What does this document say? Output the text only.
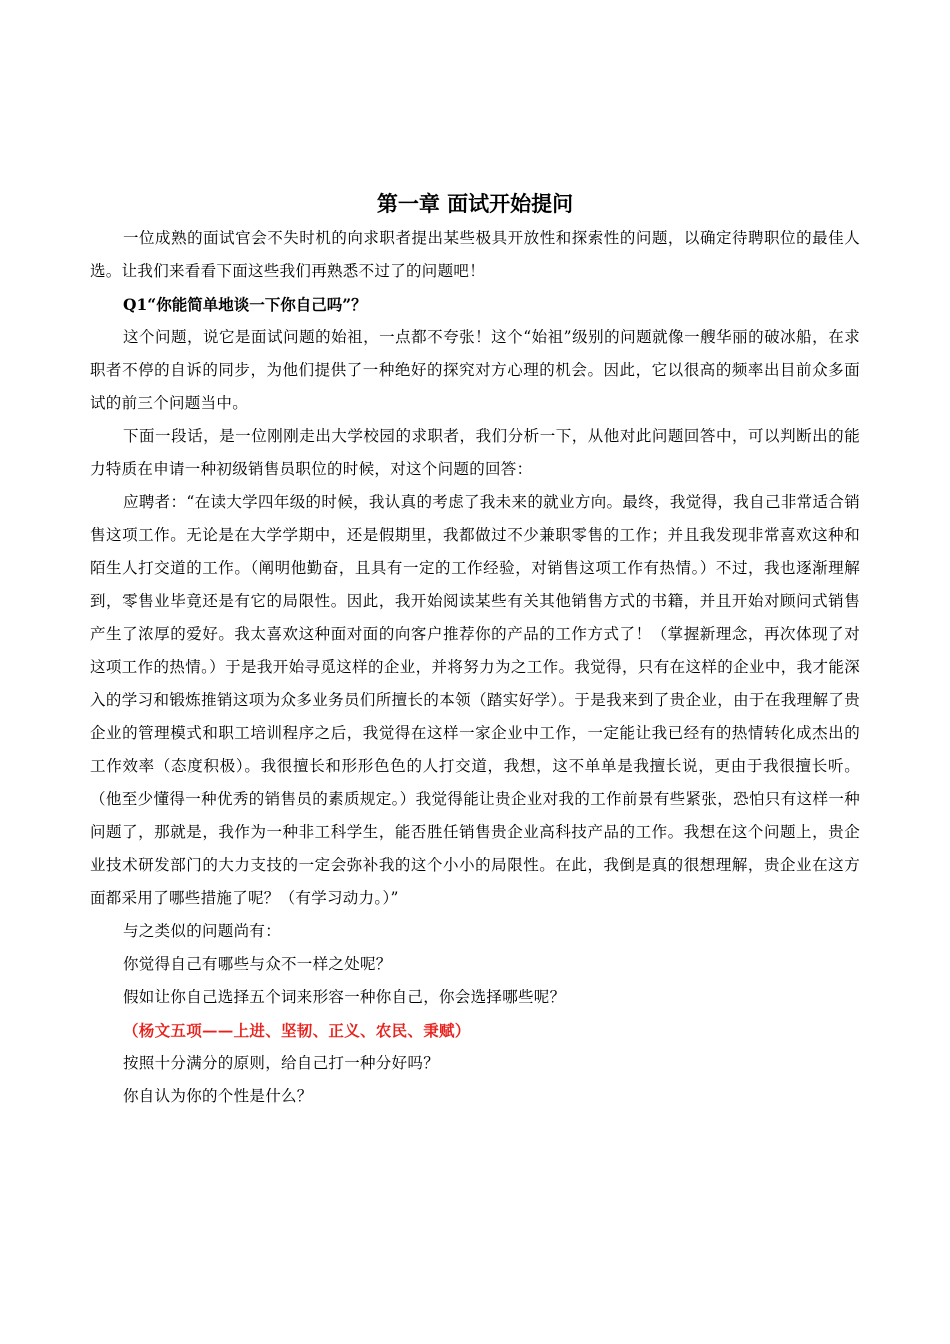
第一章 面试开始提问

一位成熟的面试官会不失时机的向求职者提出某些极具开放性和探索性的问题，以确定待聘职位的最佳人选。让我们来看看下面这些我们再熟悉不过了的问题吧！

Q1“你能简单地谈一下你自己吗”？

这个问题，说它是面试问题的始祖，一点都不夸张！这个“始祖”级别的问题就像一艘华丽的破冰船，在求职者不停的自诉的同步，为他们提供了一种绝好的探究对方心理的机会。因此，它以很高的频率出目前众多面试的前三个问题当中。

下面一段话，是一位刚刚走出大学校园的求职者，我们分析一下，从他对此问题回答中，可以判断出的能力特质在申请一种初级销售员职位的时候，对这个问题的回答：

应聘者：“在读大学四年级的时候，我认真的考虑了我未来的就业方向。最终，我觉得，我自己非常适合销售这项工作。无论是在大学学期中，还是假期里，我都做过不少兼职零售的工作；并且我发现非常喜欢这种和陌生人打交道的工作。（阐明他勤奋，且具有一定的工作经验，对销售这项工作有热情。）不过，我也逐渐理解到，零售业毕竟还是有它的局限性。因此，我开始阅读某些有关其他销售方式的书籍，并且开始对顾问式销售产生了浓厚的爱好。我太喜欢这种面对面的向客户推荐你的产品的工作方式了！（掌握新理念，再次体现了对这项工作的热情。）于是我开始寻觅这样的企业，并将努力为之工作。我觉得，只有在这样的企业中，我才能深入的学习和锻炼推销这项为众多业务员们所擅长的本领（踏实好学）。于是我来到了贵企业，由于在我理解了贵企业的管理模式和职工培训程序之后，我觉得在这样一家企业中工作，一定能让我已经有的热情转化成杰出的工作效率（态度积极）。我很擅长和形形色色的人打交道，我想，这不单单是我擅长说，更由于我很擅长听。（他至少懂得一种优秀的销售员的素质规定。）我觉得能让贵企业对我的工作前景有些紧张，恐怕只有这样一种问题了，那就是，我作为一种非工科学生，能否胜任销售贵企业高科技产品的工作。我想在这个问题上，贵企业技术研发部门的大力支技的一定会弥补我的这个小小的局限性。在此，我倒是真的很想理解，贵企业在这方面都采用了哪些措施了呢？（有学习动力。）”

与之类似的问题尚有：

你觉得自己有哪些与众不一样之处呢？

假如让你自己选择五个词来形容一种你自己，你会选择哪些呢？

（杨文五项——上进、坚韧、正义、农民、秉赋）

按照十分满分的原则，给自己打一种分好吗？

你自认为你的个性是什么？
